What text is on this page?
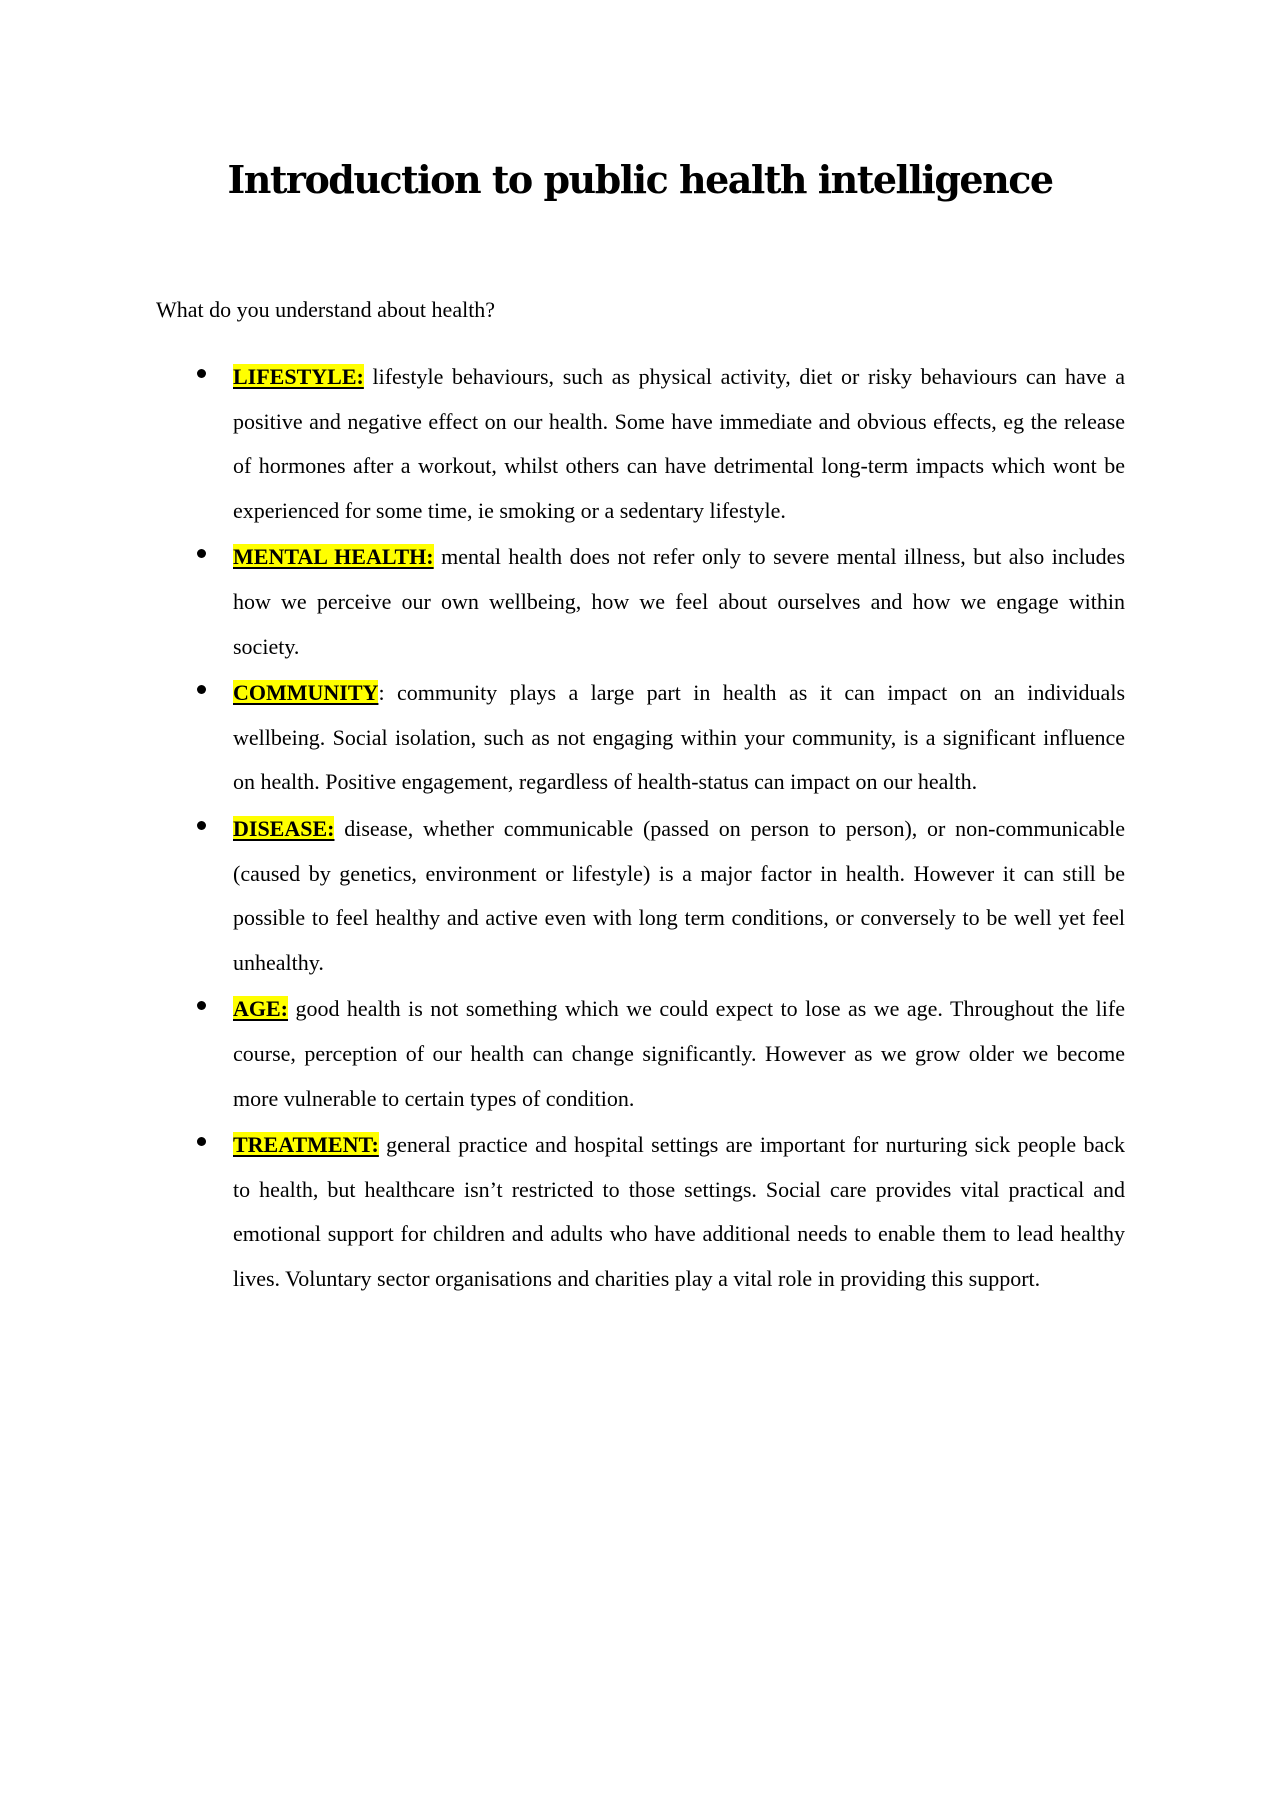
Introduction to public health intelligence

What do you understand about health?

LIFESTYLE: lifestyle behaviours, such as physical activity, diet or risky behaviours can have a positive and negative effect on our health. Some have immediate and obvious effects, eg the release of hormones after a workout, whilst others can have detrimental long-term impacts which wont be experienced for some time, ie smoking or a sedentary lifestyle.

MENTAL HEALTH: mental health does not refer only to severe mental illness, but also includes how we perceive our own wellbeing, how we feel about ourselves and how we engage within society.

COMMUNITY: community plays a large part in health as it can impact on an individuals wellbeing. Social isolation, such as not engaging within your community, is a significant influence on health. Positive engagement, regardless of health-status can impact on our health.

DISEASE: disease, whether communicable (passed on person to person), or non-communicable (caused by genetics, environment or lifestyle) is a major factor in health. However it can still be possible to feel healthy and active even with long term conditions, or conversely to be well yet feel unhealthy.

AGE: good health is not something which we could expect to lose as we age. Throughout the life course, perception of our health can change significantly. However as we grow older we become more vulnerable to certain types of condition.

TREATMENT: general practice and hospital settings are important for nurturing sick people back to health, but healthcare isn’t restricted to those settings. Social care provides vital practical and emotional support for children and adults who have additional needs to enable them to lead healthy lives. Voluntary sector organisations and charities play a vital role in providing this support.
